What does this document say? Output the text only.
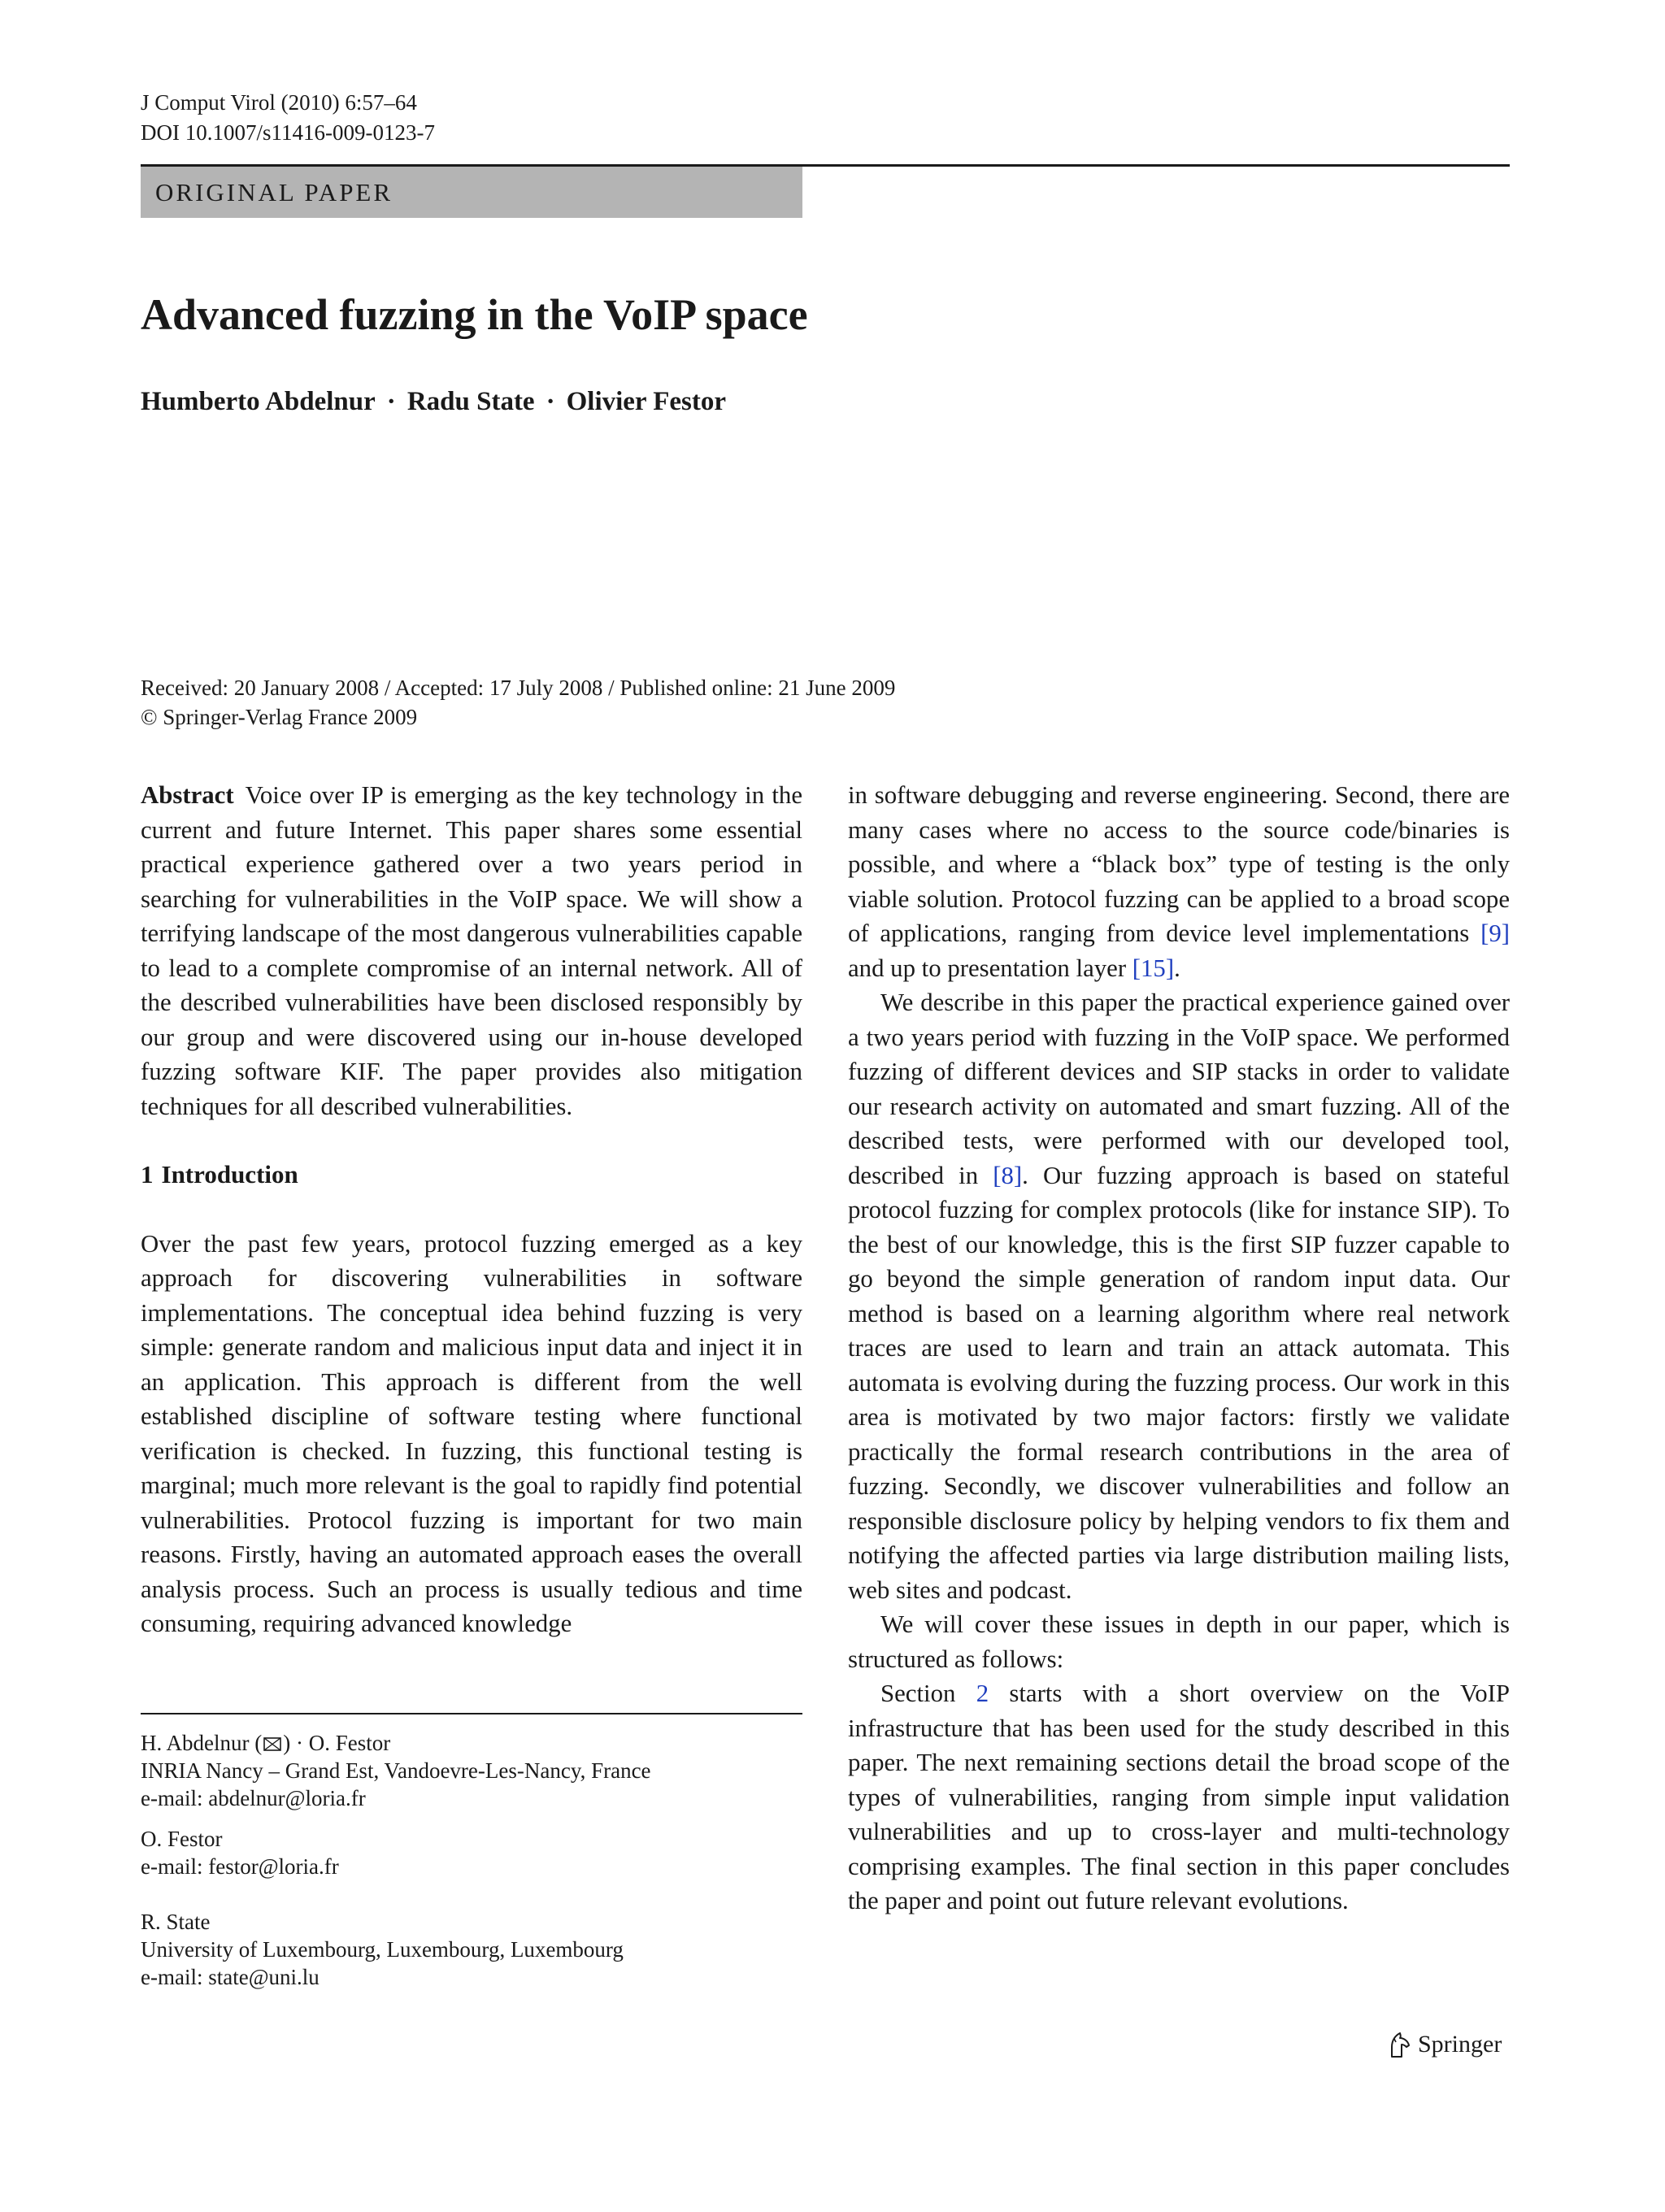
J Comput Virol (2010) 6:57–64
DOI 10.1007/s11416-009-0123-7
ORIGINAL PAPER
Advanced fuzzing in the VoIP space
Humberto Abdelnur · Radu State · Olivier Festor
Received: 20 January 2008 / Accepted: 17 July 2008 / Published online: 21 June 2009
© Springer-Verlag France 2009

Abstract Voice over IP is emerging as the key technology in the current and future Internet. This paper shares some essential practical experience gathered over a two years period in searching for vulnerabilities in the VoIP space. We will show a terrifying landscape of the most dangerous vulnerabilities capable to lead to a complete compromise of an internal network. All of the described vulnerabilities have been disclosed responsibly by our group and were discovered using our in-house developed fuzzing software KIF. The paper provides also mitigation techniques for all described vulnerabilities.

1 Introduction

Over the past few years, protocol fuzzing emerged as a key approach for discovering vulnerabilities in software implementations. The conceptual idea behind fuzzing is very simple: generate random and malicious input data and inject it in an application. This approach is different from the well established discipline of software testing where functional verification is checked. In fuzzing, this functional testing is marginal; much more relevant is the goal to rapidly find potential vulnerabilities. Protocol fuzzing is important for two main reasons. Firstly, having an automated approach eases the overall analysis process. Such an process is usually tedious and time consuming, requiring advanced knowledge

in software debugging and reverse engineering. Second, there are many cases where no access to the source code/binaries is possible, and where a “black box” type of testing is the only viable solution. Protocol fuzzing can be applied to a broad scope of applications, ranging from device level implementations [9] and up to presentation layer [15].

We describe in this paper the practical experience gained over a two years period with fuzzing in the VoIP space. We performed fuzzing of different devices and SIP stacks in order to validate our research activity on automated and smart fuzzing. All of the described tests, were performed with our developed tool, described in [8]. Our fuzzing approach is based on stateful protocol fuzzing for complex protocols (like for instance SIP). To the best of our knowledge, this is the first SIP fuzzer capable to go beyond the simple generation of random input data. Our method is based on a learning algorithm where real network traces are used to learn and train an attack automata. This automata is evolving during the fuzzing process. Our work in this area is motivated by two major factors: firstly we validate practically the formal research contributions in the area of fuzzing. Secondly, we discover vulnerabilities and follow an responsible disclosure policy by helping vendors to fix them and notifying the affected parties via large distribution mailing lists, web sites and podcast.

We will cover these issues in depth in our paper, which is structured as follows:

Section 2 starts with a short overview on the VoIP infrastructure that has been used for the study described in this paper. The next remaining sections detail the broad scope of the types of vulnerabilities, ranging from simple input validation vulnerabilities and up to cross-layer and multi-technology comprising examples. The final section in this paper concludes the paper and point out future relevant evolutions.

H. Abdelnur ( ) · O. Festor
INRIA Nancy – Grand Est, Vandoevre-Les-Nancy, France
e-mail: abdelnur@loria.fr
O. Festor
e-mail: festor@loria.fr
R. State
University of Luxembourg, Luxembourg, Luxembourg
e-mail: state@uni.lu
Springer
